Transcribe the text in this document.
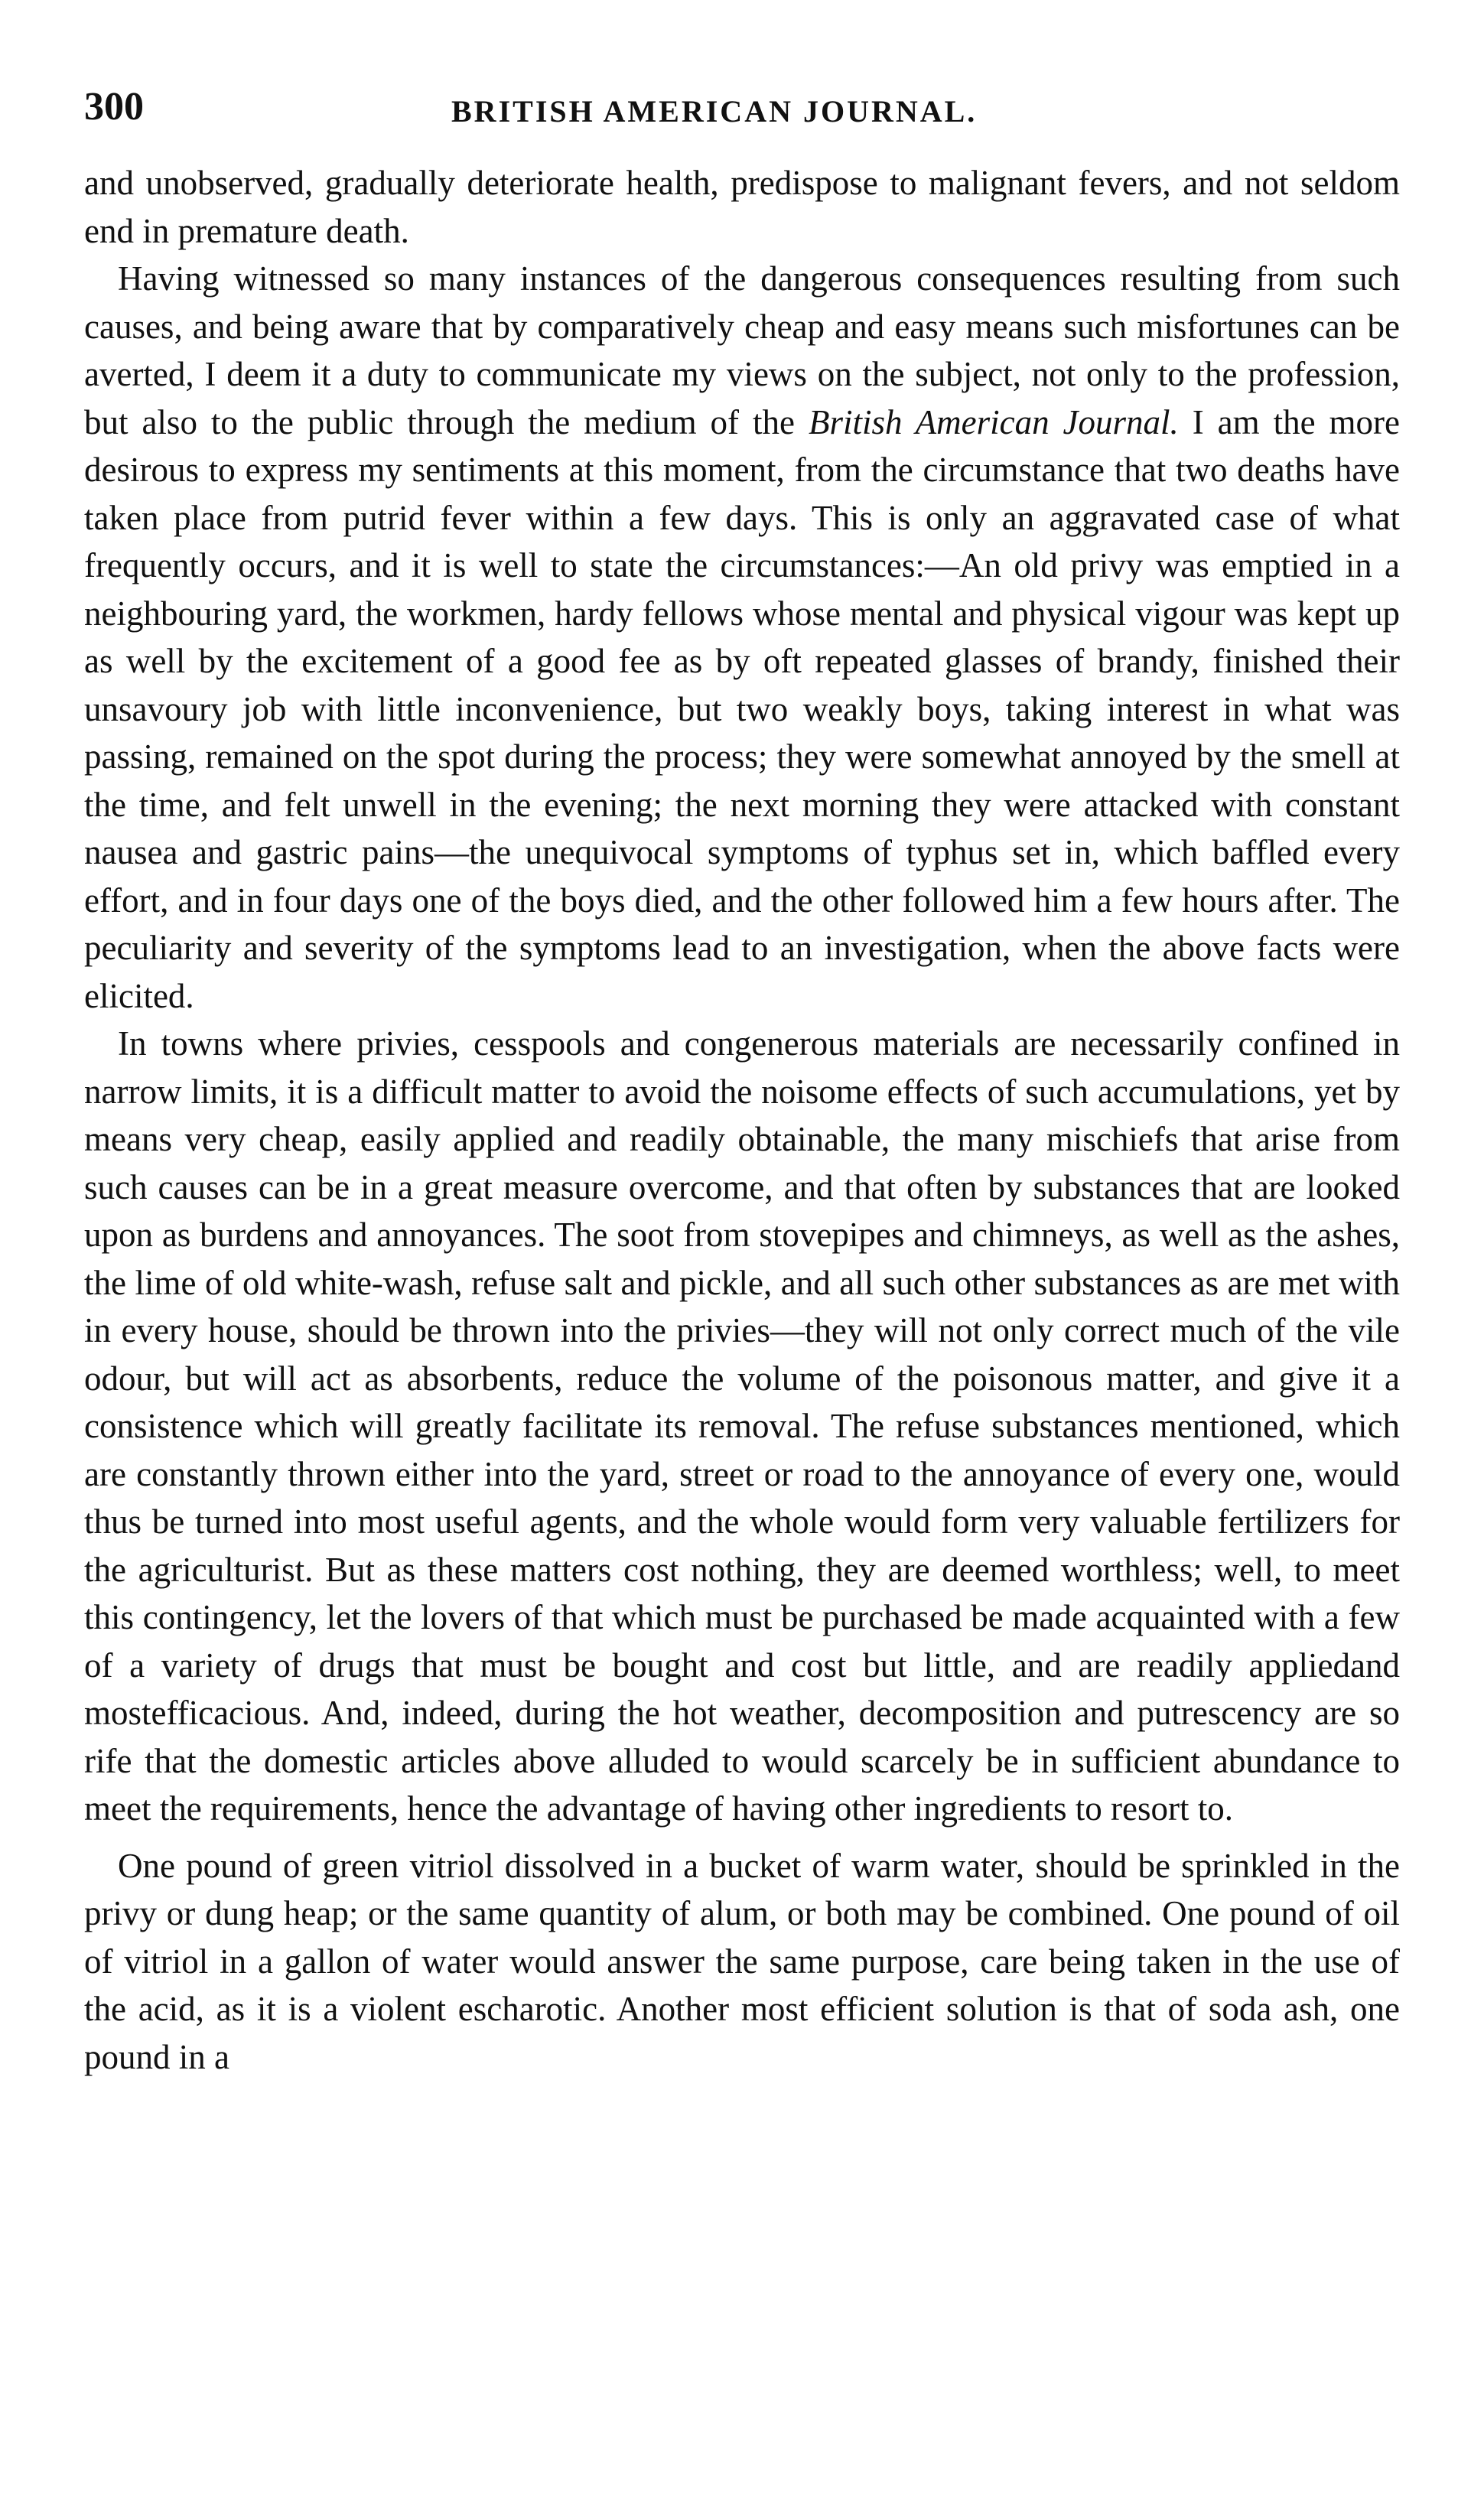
300	BRITISH AMERICAN JOURNAL.

and unobserved, gradually deteriorate health, predispose to malignant fevers, and not seldom end in premature death.

Having witnessed so many instances of the dangerous consequences resulting from such causes, and being aware that by comparatively cheap and easy means such misfortunes can be averted, I deem it a duty to communicate my views on the subject, not only to the profession, but also to the public through the medium of the British American Journal. I am the more desirous to express my sentiments at this moment, from the circumstance that two deaths have taken place from putrid fever within a few days. This is only an aggravated case of what frequently occurs, and it is well to state the circumstances:—An old privy was emptied in a neighbouring yard, the workmen, hardy fellows whose mental and physical vigour was kept up as well by the excitement of a good fee as by oft repeated glasses of brandy, finished their unsavoury job with little inconvenience, but two weakly boys, taking interest in what was passing, remained on the spot during the process; they were somewhat annoyed by the smell at the time, and felt unwell in the evening; the next morning they were attacked with constant nausea and gastric pains—the unequivocal symptoms of typhus set in, which baffled every effort, and in four days one of the boys died, and the other followed him a few hours after. The peculiarity and severity of the symptoms lead to an investigation, when the above facts were elicited.

In towns where privies, cesspools and congenerous materials are necessarily confined in narrow limits, it is a difficult matter to avoid the noisome effects of such accumulations, yet by means very cheap, easily applied and readily obtainable, the many mischiefs that arise from such causes can be in a great measure overcome, and that often by substances that are looked upon as burdens and annoyances. The soot from stovepipes and chimneys, as well as the ashes, the lime of old white-wash, refuse salt and pickle, and all such other substances as are met with in every house, should be thrown into the privies—they will not only correct much of the vile odour, but will act as absorbents, reduce the volume of the poisonous matter, and give it a consistence which will greatly facilitate its removal. The refuse substances mentioned, which are constantly thrown either into the yard, street or road to the annoyance of every one, would thus be turned into most useful agents, and the whole would form very valuable fertilizers for the agriculturist. But as these matters cost nothing, they are deemed worthless; well, to meet this contingency, let the lovers of that which must be purchased be made acquainted with a few of a variety of drugs that must be bought and cost but little, and are readily appliedand mostefficacious. And, indeed, during the hot weather, decomposition and putrescency are so rife that the domestic articles above alluded to would scarcely be in sufficient abundance to meet the requirements, hence the advantage of having other ingredients to resort to.

One pound of green vitriol dissolved in a bucket of warm water, should be sprinkled in the privy or dung heap; or the same quantity of alum, or both may be combined. One pound of oil of vitriol in a gallon of water would answer the same purpose, care being taken in the use of the acid, as it is a violent escharotic. Another most efficient solution is that of soda ash, one pound in a
